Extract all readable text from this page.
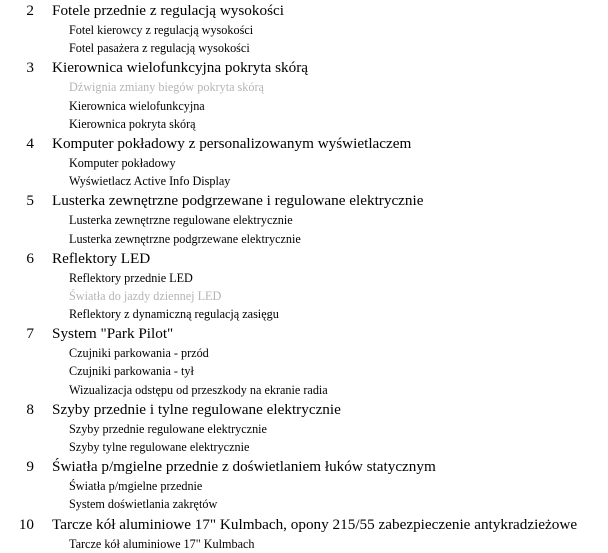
2 Fotele przednie z regulacją wysokości
Fotel kierowcy z regulacją wysokości
Fotel pasażera z regulacją wysokości
3 Kierownica wielofunkcyjna pokryta skórą
Dźwignia zmiany biegów pokryta skórą
Kierownica wielofunkcyjna
Kierownica pokryta skórą
4 Komputer pokładowy z personalizowanym wyświetlaczem
Komputer pokładowy
Wyświetlacz Active Info Display
5 Lusterka zewnętrzne podgrzewane i regulowane elektrycznie
Lusterka zewnętrzne regulowane elektrycznie
Lusterka zewnętrzne podgrzewane elektrycznie
6 Reflektory LED
Reflektory przednie LED
Światła do jazdy dziennej LED
Reflektory z dynamiczną regulacją zasięgu
7 System "Park Pilot"
Czujniki parkowania - przód
Czujniki parkowania - tył
Wizualizacja odstępu od przeszkody na ekranie radia
8 Szyby przednie i tylne regulowane elektrycznie
Szyby przednie regulowane elektrycznie
Szyby tylne regulowane elektrycznie
9 Światła p/mgielne przednie z doświetlaniem łuków statycznym
Światła p/mgielne przednie
System doświetlania zakrętów
10 Tarcze kół aluminiowe 17" Kulmbach, opony 215/55 zabezpieczenie antykradzieżowe
Tarcze kół aluminiowe 17" Kulmbach
